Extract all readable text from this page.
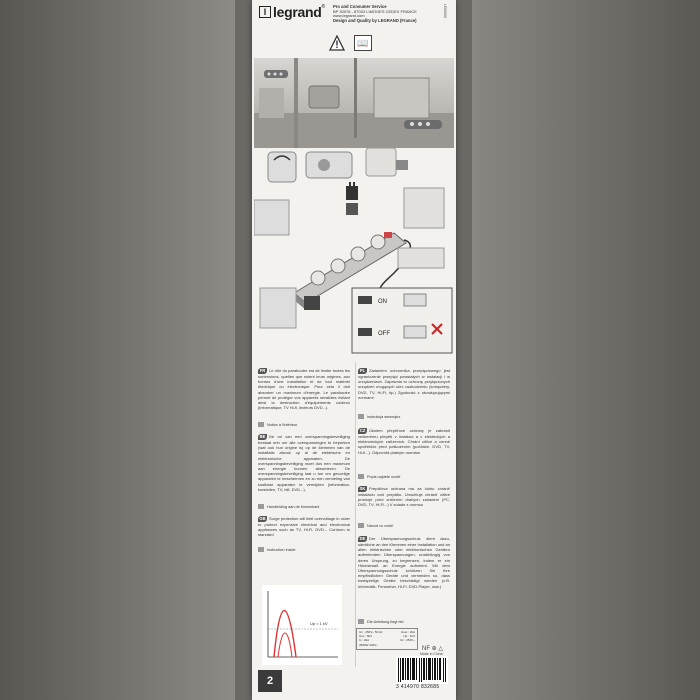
l legrand ® Pro and Consumer Service
BP 30076 - 87002 LIMOGES CEDEX FRANCE
www.legrand.com
Design and Quality by LEGRAND (France)
LE06888
📖
ON
OFF
FR Le rôle du parafoudre est de limiter toutes les surtensions, quelles que soient leurs origines, aux bornes d'une installation et de tout matériel électrique ou électronique. Pour cela il doit absorber un maximum d'énergie. Le parafoudre permet de protéger vos appareils sensibles évitant ainsi la destruction d'équipements coûteux (informatique, TV Hi-fi, lecteurs DVD...).
Notice à l'intérieur
BE De rol van een overspanningsbeveiliging bestaat erin om alle overspanningen te beperken (wat ook hun origine is) op de klemmen van de installatie alsook op al de elektrische en elektronische apparaten. De overspanningsbeveiliging moet dus een maximum aan energie kunnen absorberen. De overspanningsbeveiliging laat u toe om gevoelige apparaten te beschermen en zo een vernieling van kostbare apparaten te vermijden (informatica-toestellen, TV, hifi, DVD...).
Handleiding aan de binnenkant
GB Surge protection will limit overvoltage in order to protect expensive electrical and electronical appliances such as TV, Hi-Fi, DVD... Conform to standard
Instruction inside
PL Zadaniem ochronnika przepięciowego jest ograniczenie przepięć powstałych w instalacji i w urządzeniach. Zapewnia to ochronę przyłączonych urządzeń mogących ulec uszkodzeniu (komputery, DVD, TV, Hi-Fi, itp.) Zgodność z obowiązującymi normami
Instrukcja wewnątrz
CZ Úkolem přepěťové ochrany je zabránit veškerému přepětí v instalaci a v elektrických a elektronických zařízeních. Chrání citlivé a cenné spotřebiče před poškozením (počítače, DVD, TV, Hi-fi...). Odpovídá platným normám
Popis najdete uvnitř
SK Prepäťová ochrana má za úlohu chrániť inštaláciu voči prepätiu. Umožňuje chrániť citlivé prístroje pred zničením drahých zariadení (PC, DVD, TV, Hi-Fi...) V súlade s normou
Návod vo vnútri
DE Der Überspannungsschutz dient dazu, sämtliche an den Klemmen einer Installation und an allen elektrischen oder elektronischen Geräten auftretenden Überspannungen, unabhängig von deren Ursprung, zu begrenzen, indem er ein Höchstmaß an Energie aufnimmt. Mit dem Überspannungsschutz schützen Sie Ihre empfindlichen Geräte und vermeiden so, dass kostspielige Geräte beschädigt werden (z.B. Informatik, Fernseher, Hi-Fi, DVD-Player, usw.)
Die Anleitung liegt bei
Up < 1 kV
Un : 250V~ 50 Hz	Imax : 2kA
Uoc : 6kV	Up : 1kV
In : 2kA	Uc : 250V~
3500W 230V~
NF ⊕ △
3 414970 832685
2
Made in China
